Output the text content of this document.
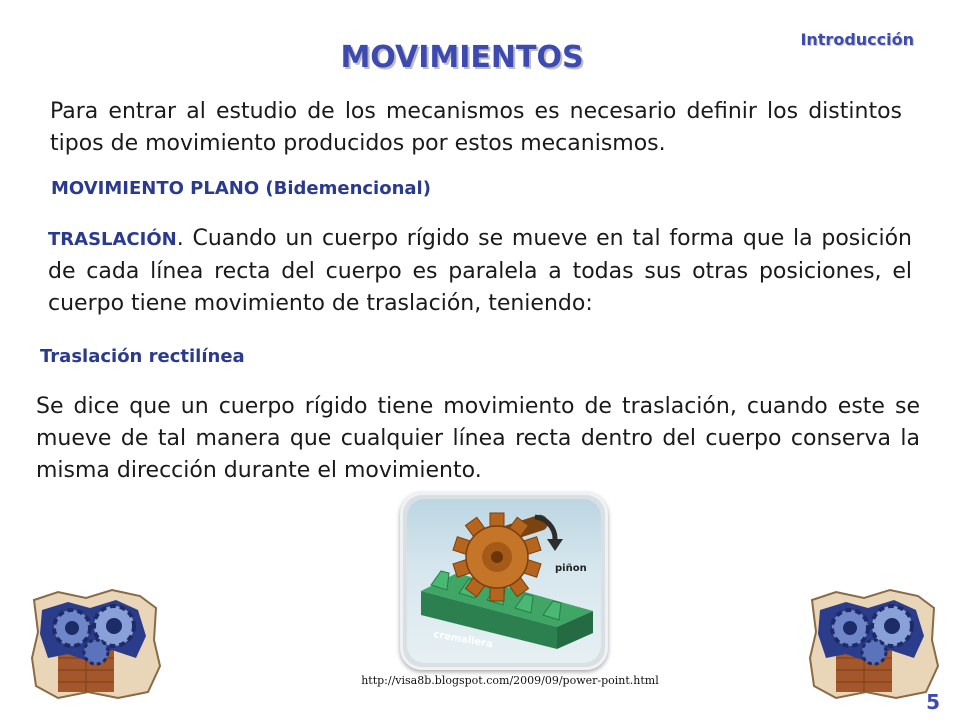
Introducción
MOVIMIENTOS
Para entrar al estudio de los mecanismos es necesario definir los distintos tipos de movimiento producidos por estos mecanismos.
MOVIMIENTO PLANO (Bidemencional)
TRASLACIÓN. Cuando un cuerpo rígido se mueve en tal forma que la posición de cada línea recta del cuerpo es paralela a todas sus otras posiciones, el cuerpo tiene movimiento de traslación, teniendo:
Traslación rectilínea
Se dice que un cuerpo rígido tiene movimiento de traslación, cuando este se mueve de tal manera que cualquier línea recta dentro del cuerpo conserva la misma dirección durante el movimiento.
piñon
cremallera
http://visa8b.blogspot.com/2009/09/power-point.html
5
